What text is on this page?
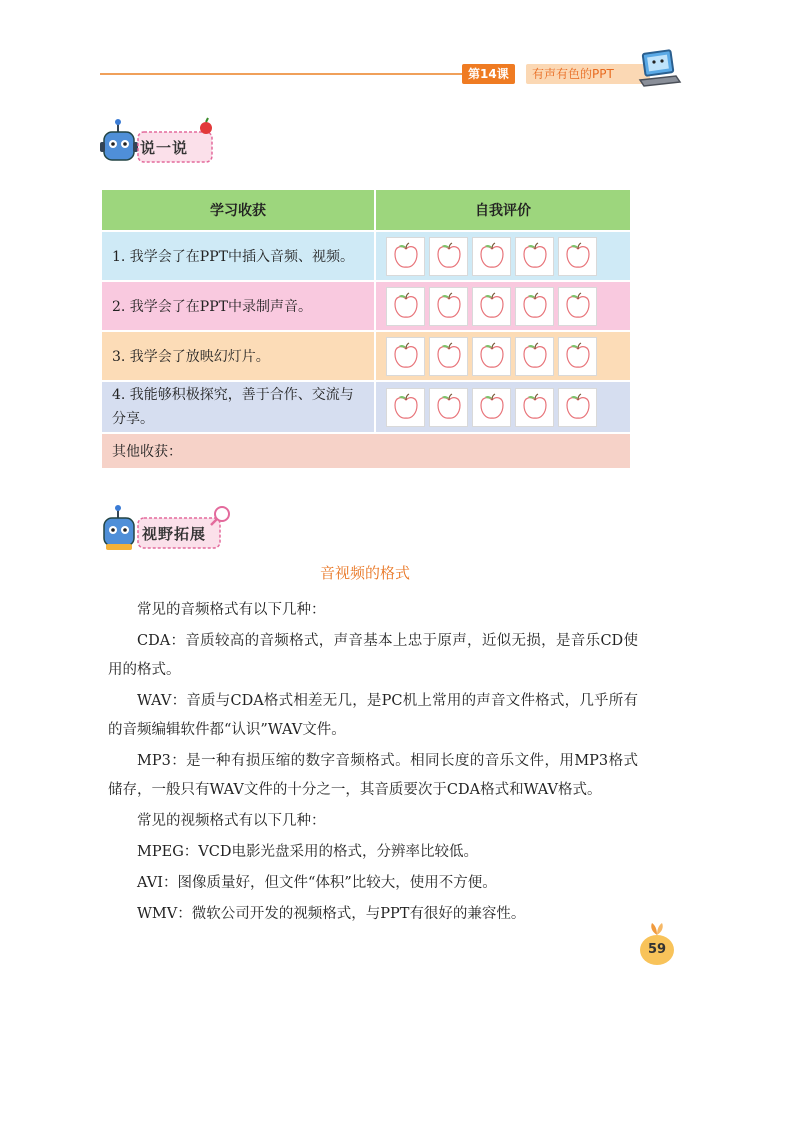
第14课	有声有色的PPT
说一说
学习收获	自我评价
1. 我学会了在PPT中插入音频、视频。	

2. 我学会了在PPT中录制声音。	

3. 我学会了放映幻灯片。	

4. 我能够积极探究，善于合作、交流与分享。	

其他收获：	
视野拓展
音视频的格式

常见的音频格式有以下几种：

CDA：音质较高的音频格式，声音基本上忠于原声，近似无损，是音乐CD使用的格式。

WAV：音质与CDA格式相差无几，是PC机上常用的声音文件格式，几乎所有的音频编辑软件都“认识”WAV文件。

MP3：是一种有损压缩的数字音频格式。相同长度的音乐文件，用MP3格式储存，一般只有WAV文件的十分之一，其音质要次于CDA格式和WAV格式。

常见的视频格式有以下几种：

MPEG：VCD电影光盘采用的格式，分辨率比较低。

AVI：图像质量好，但文件“体积”比较大，使用不方便。

WMV：微软公司开发的视频格式，与PPT有很好的兼容性。

59
